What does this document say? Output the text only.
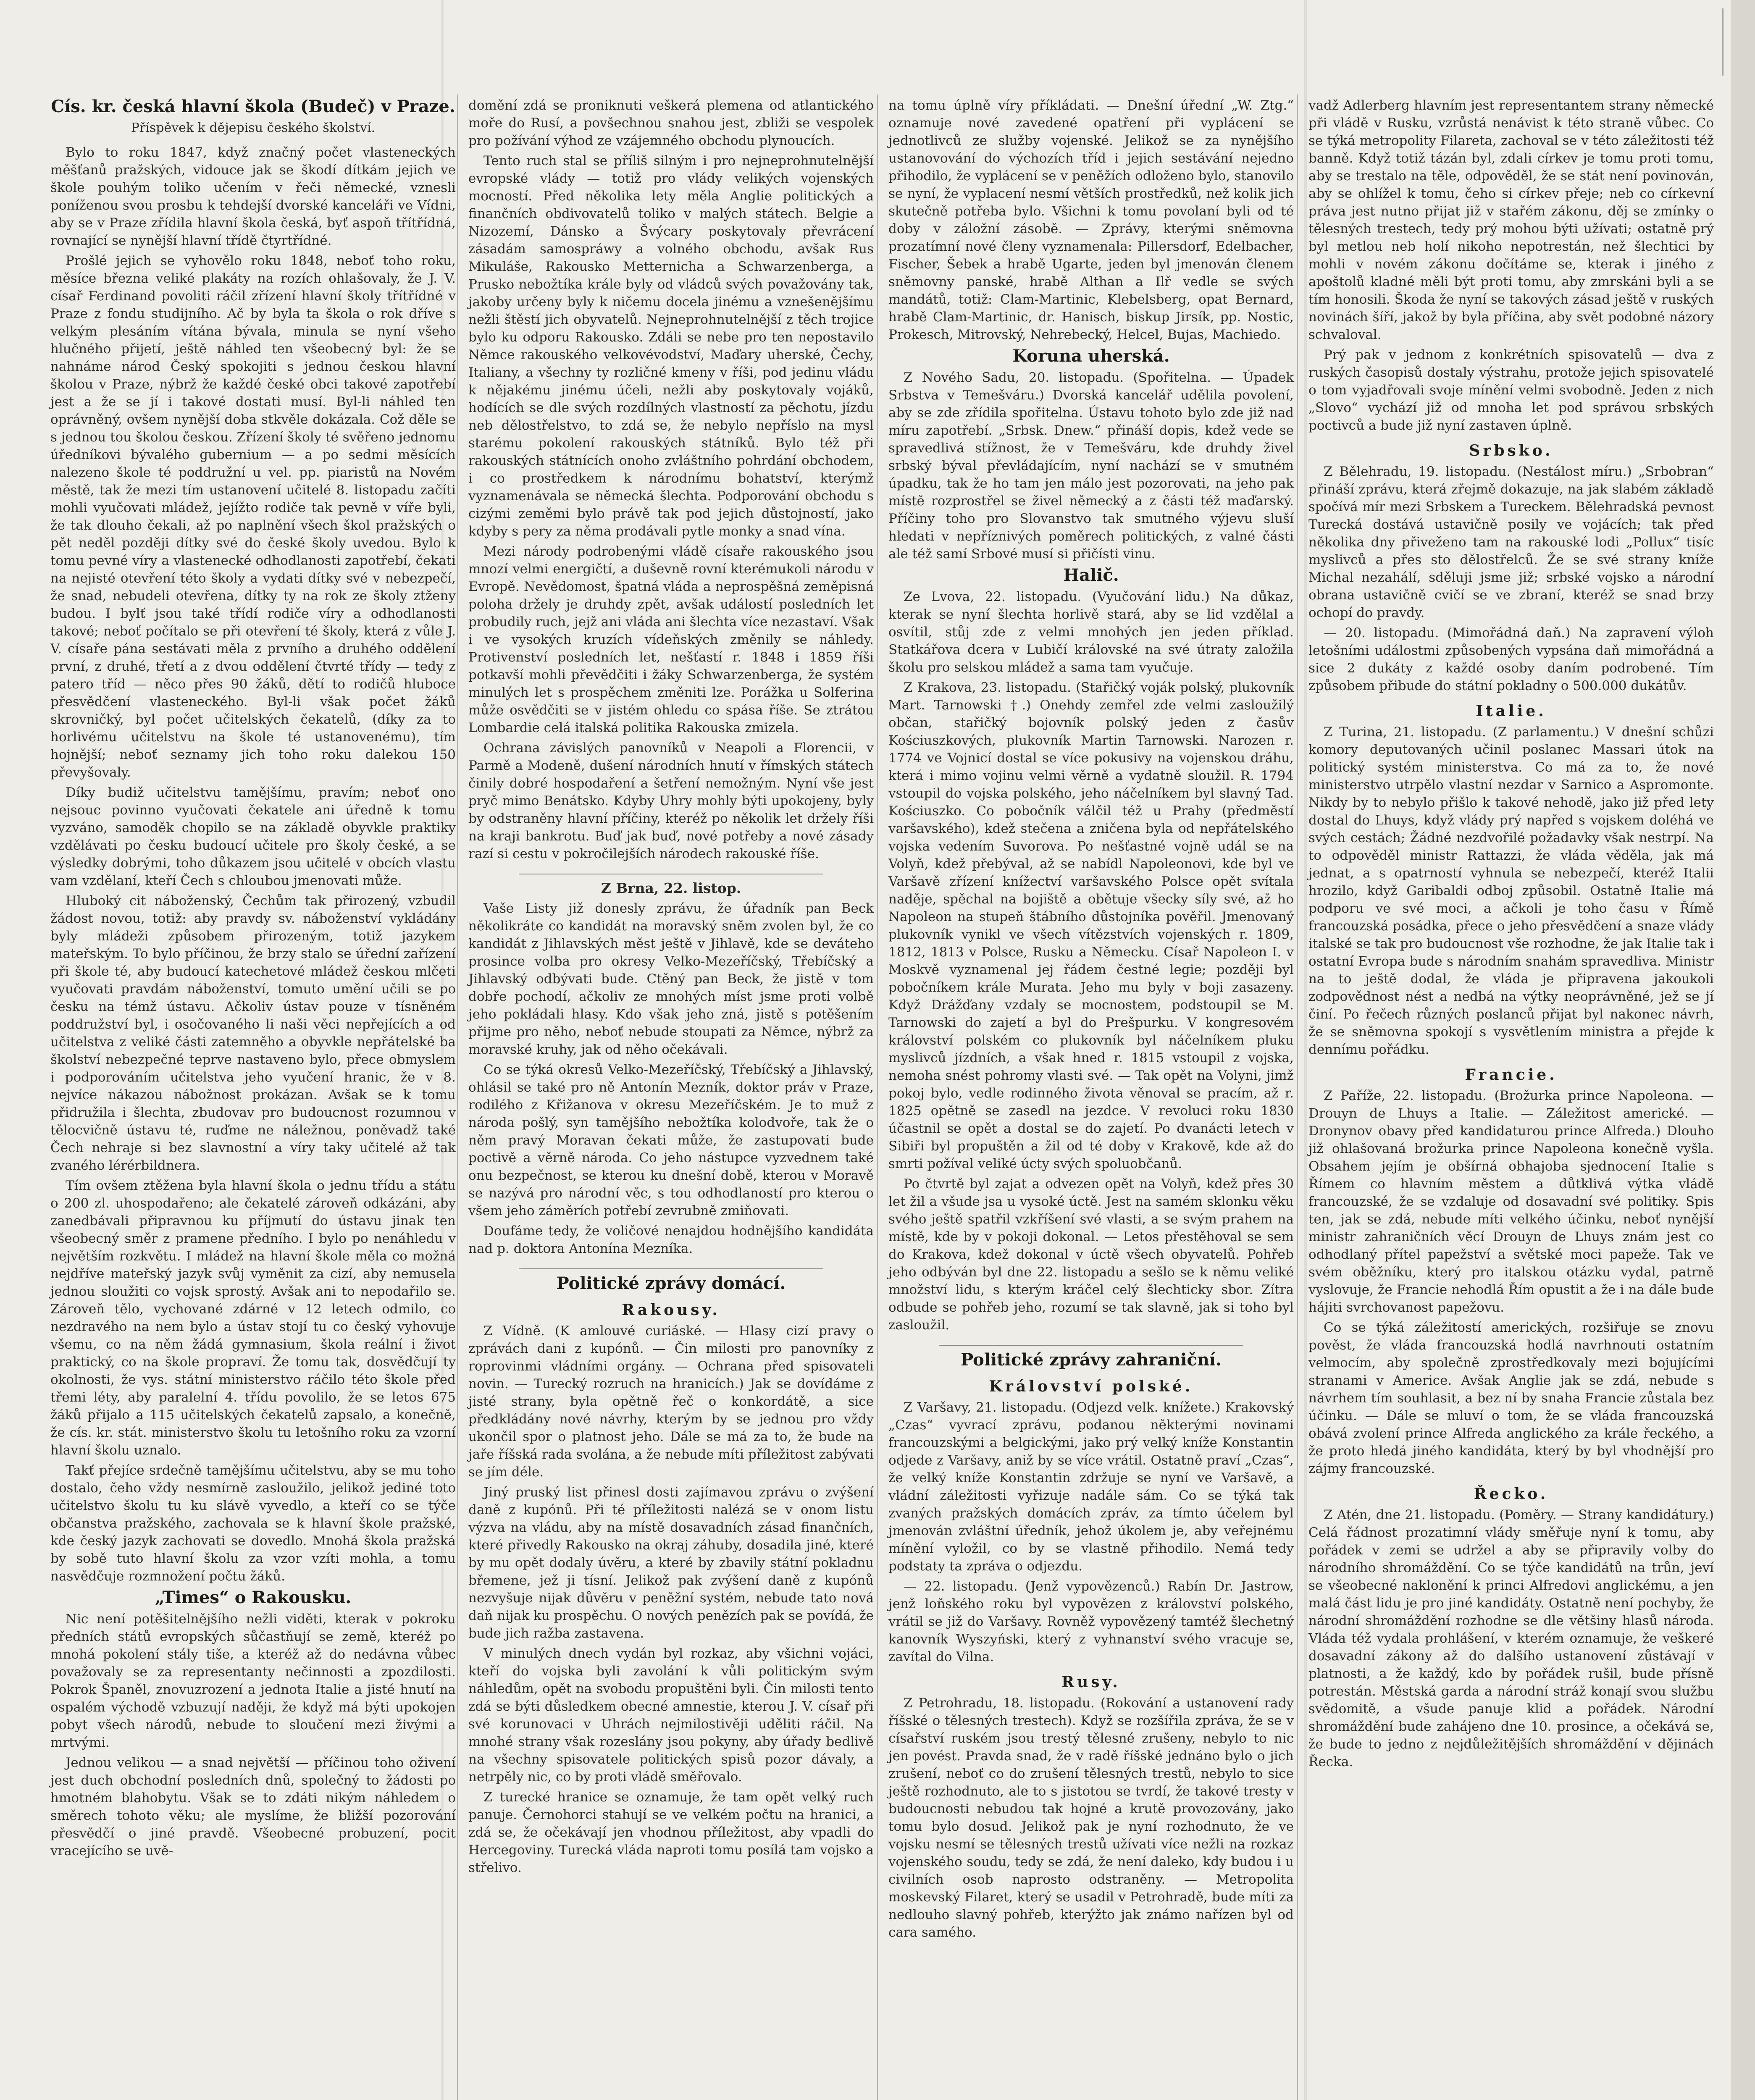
Cís. kr. česká hlavní škola (Budeč) v Praze.
Příspěvek k dějepisu českého školství.

Bylo to roku 1847, když značný počet vlasteneckých měšťanů pražských, vidouce jak se škodí dítkám jejich ve škole pouhým toliko učením v řeči německé, vznesli poníženou svou prosbu k tehdejší dvorské kanceláři ve Vídni, aby se v Praze zřídila hlavní škola česká, byť aspoň třítřídná, rovnající se nynější hlavní třídě čtyrtřídné.

Prošlé jejich se vyhovělo roku 1848, neboť toho roku, měsíce března veliké plakáty na rozích ohlašovaly, že J. V. císař Ferdinand povoliti ráčil zřízení hlavní školy třítřídné v Praze z fondu studijního. Ač by byla ta škola o rok dříve s velkým plesáním vítána bývala, minula se nyní všeho hlučného přijetí, ještě náhled ten všeobecný byl: že se nahnáme národ Český spokojiti s jednou českou hlavní školou v Praze, nýbrž že každé české obci takové zapotřebí jest a že se jí i takové dostati musí. Byl-li náhled ten oprávněný, ovšem nynější doba stkvěle dokázala. Což děle se s jednou tou školou českou. Zřízení školy té svěřeno jednomu úředníkovi bývalého gubernium — a po sedmi měsících nalezeno škole té poddružní u vel. pp. piaristů na Novém městě, tak že mezi tím ustanovení učitelé 8. listopadu začíti mohli vyučovati mládež, jejížto rodiče tak pevně v víře byli, že tak dlouho čekali, až po naplnění všech škol pražských o pět neděl později dítky své do české školy uvedou. Bylo k tomu pevné víry a vlastenecké odhodlanosti zapotřebí, čekati na nejisté otevření této školy a vydati dítky své v nebezpečí, že snad, nebudeli otevřena, dítky ty na rok ze školy ztženy budou. I bylť jsou také třídí rodiče víry a odhodlanosti takové; neboť počítalo se při otevření té školy, která z vůle J. V. císaře pána sestávati měla z prvního a druhého oddělení první, z druhé, třetí a z dvou oddělení čtvrté třídy — tedy z patero tříd — něco přes 90 žáků, dětí to rodičů hluboce přesvědčení vlasteneckého. Byl-li však počet žáků skrovničký, byl počet učitelských čekatelů, (díky za to horlivému učitelstvu na škole té ustanovenému), tím hojnější; neboť seznamy jich toho roku dalekou 150 převyšovaly.

Díky budiž učitelstvu tamějšímu, pravím; neboť ono nejsouc povinno vyučovati čekatele ani úředně k tomu vyzváno, samoděk chopilo se na základě obyvkle praktiky vzdělávati po česku budoucí učitele pro školy české, a se výsledky dobrými, toho důkazem jsou učitelé v obcích vlastu vam vzdělaní, kteří Čech s chloubou jmenovati může.

Hluboký cit náboženský, Čechům tak přirozený, vzbudil žádost novou, totiž: aby pravdy sv. náboženství vykládány byly mládeži způsobem přirozeným, totiž jazykem mateřským. To bylo příčinou, že brzy stalo se úřední zařízení při škole té, aby budoucí katechetové mládež českou mlčeti vyučovati pravdám náboženství, tomuto umění učili se po česku na témž ústavu. Ačkoliv ústav pouze v tísněném poddružství byl, i osočovaného li naši věci nepřejících a od učitelstva z veliké části zatemněho a obyvkle nepřátelské ba školství nebezpečné teprve nastaveno bylo, přece obmyslem i podporováním učitelstva jeho vyučení hranic, že v 8. nejvíce nákazou nábožnost prokázan. Avšak se k tomu přidružila i šlechta, zbudovav pro budoucnost rozumnou v tělocvičně ústavu té, ruďme ne náležnou, poněvadž také Čech nehraje si bez slavnostní a víry taky učitelé až tak zvaného lérérbildnera.

Tím ovšem ztěžena byla hlavní škola o jednu třídu a státu o 200 zl. uhospodařeno; ale čekatelé zároveň odkázáni, aby zanedbávali připravnou ku příjmutí do ústavu jinak ten všeobecný směr z pramene předního. I bylo po nenáhledu v největším rozkvětu. I mládež na hlavní škole měla co možná nejdříve mateřský jazyk svůj vyměnit za cizí, aby nemusela jednou sloužiti co vojsk sprostý. Avšak ani to nepodařilo se. Zároveň tělo, vychované zdárné v 12 letech odmilo, co nezdravého na nem bylo a ústav stojí tu co český vyhovuje všemu, co na něm žádá gymnasium, škola reální i život praktický, co na škole propraví. Že tomu tak, dosvědčují ty okolnosti, že vys. státní ministerstvo ráčilo této škole před třemi léty, aby paralelní 4. třídu povolilo, že se letos 675 žáků přijalo a 115 učitelských čekatelů zapsalo, a konečně, že cís. kr. stát. ministerstvo školu tu letošního roku za vzorní hlavní školu uznalo.

Takť přejíce srdečně tamějšímu učitelstvu, aby se mu toho dostalo, čeho vždy nesmírně zasloužilo, jelikož jediné toto učitelstvo školu tu ku slávě vyvedlo, a kteří co se týče občanstva pražského, zachovala se k hlavní škole pražské, kde český jazyk zachovati se dovedlo. Mnohá škola pražská by sobě tuto hlavní školu za vzor vzíti mohla, a tomu nasvědčuje rozmnožení počtu žáků.

„Times“ o Rakousku.

Nic není potěšitelnějšího nežli viděti, kterak v pokroku předních států evropských sůčastňují se země, kteréž po mnohá pokolení stály tiše, a kteréž až do nedávna vůbec považovaly se za representanty nečinnosti a zpozdilosti. Pokrok Španěl, znovuzrození a jednota Italie a jisté hnutí na ospalém východě vzbuzují naději, že když má býti upokojen pobyt všech národů, nebude to sloučení mezi živými a mrtvými.

Jednou velikou — a snad největší — příčinou toho oživení jest duch obchodní posledních dnů, společný to žádosti po hmotném blahobytu. Však se to zdáti nikým náhledem o směrech tohoto věku; ale myslíme, že bližší pozorování přesvědčí o jiné pravdě. Všeobecné probuzení, pocit vracejícího se uvě-

domění zdá se proniknuti veškerá plemena od atlantického moře do Rusí, a povšechnou snahou jest, zbliži se vespolek pro požívání výhod ze vzájemného obchodu plynoucích.

Tento ruch stal se příliš silným i pro nejneprohnutelnější evropské vlády — totiž pro vlády velikých vojenských mocností. Před několika lety měla Anglie politických a finančních obdivovatelů toliko v malých státech. Belgie a Nizozemí, Dánsko a Švýcary poskytovaly převrácení zásadám samospráwy a volného obchodu, avšak Rus Mikuláše, Rakousko Metternicha a Schwarzenberga, a Prusko nebožtíka krále byly od vládců svých považovány tak, jakoby určeny byly k ničemu docela jinému a vznešenějšímu nežli štěstí jich obyvatelů. Nejneprohnutelnější z těch trojice bylo ku odporu Rakousko. Zdáli se nebe pro ten nepostavilo Němce rakouského velkovévodství, Maďary uherské, Čechy, Italiany, a všechny ty rozličné kmeny v říši, pod jedinu vládu k nějakému jinému účeli, nežli aby poskytovaly vojáků, hodících se dle svých rozdílných vlastností za pěchotu, jízdu neb dělostřelstvo, to zdá se, že nebylo nepříslo na mysl starému pokolení rakouských státníků. Bylo též při rakouských státnících onoho zvláštního pohrdání obchodem, i co prostředkem k národnímu bohatství, kterýmž vyznamenávala se německá šlechta. Podporování obchodu s cizými zeměmi bylo právě tak pod jejich důstojností, jako kdyby s pery za něma prodávali pytle monky a snad vína.

Mezi národy podrobenými vládě císaře rakouského jsou mnozí velmi energičtí, a duševně rovní kterémukoli národu v Evropě. Nevědomost, špatná vláda a neprospěšná zeměpisná poloha držely je druhdy zpět, avšak událostí posledních let probudily ruch, jejž ani vláda ani šlechta více nezastaví. Však i ve vysokých kruzích vídeňských změnily se náhledy. Protivenství posledních let, nešťastí r. 1848 i 1859 říši potkavší mohli převědčiti i žáky Schwarzenberga, že systém minulých let s prospěchem změniti lze. Porážka u Solferina může osvědčiti se v jistém ohledu co spása říše. Se ztrátou Lombardie celá italská politika Rakouska zmizela.

Ochrana závislých panovníků v Neapoli a Florencii, v Parmě a Modeně, dušení národních hnutí v římských státech činily dobré hospodaření a šetření nemožným. Nyní vše jest pryč mimo Benátsko. Kdyby Uhry mohly býti upokojeny, byly by odstraněny hlavní příčiny, kteréž po několik let držely říši na kraji bankrotu. Buď jak buď, nové potřeby a nové zásady razí si cestu v pokročilejších národech rakouské říše.

Z Brna, 22. listop.

Vaše Listy již donesly zprávu, že úřadník pan Beck několikráte co kandidát na moravský sněm zvolen byl, že co kandidát z Jihlavských měst ještě v Jihlavě, kde se deváteho prosince volba pro okresy Velko-Mezeříčský, Třebíčský a Jihlavský odbývati bude. Ctěný pan Beck, že jistě v tom dobře pochodí, ačkoliv ze mnohých míst jsme proti volbě jeho pokládali hlasy. Kdo však jeho zná, jistě s potěšením přijme pro něho, neboť nebude stoupati za Němce, nýbrž za moravské kruhy, jak od něho očekávali.

Co se týká okresů Velko-Mezeříčský, Třebíčský a Jihlavský, ohlásil se také pro ně Antonín Mezník, doktor práv v Praze, rodilého z Křižanova v okresu Mezeříčském. Je to muž z národa pošlý, syn tamějšího nebožtíka kolodvoře, tak že o něm pravý Moravan čekati může, že zastupovati bude poctivě a věrně národa. Co jeho nástupce vyzvednem také onu bezpečnost, se kterou ku dnešní době, kterou v Moravě se nazývá pro národní věc, s tou odhodlaností pro kterou o všem jeho záměrích potřebí zevrubně zmiňovati.

Doufáme tedy, že voličové nenajdou hodnějšího kandidáta nad p. doktora Antonína Mezníka.

Politické zprávy domácí.
Rakousy.

Z Vídně. (K amlouvé curiáské. — Hlasy cizí pravy o zprávách dani z kupónů. — Čin milosti pro panovníky z roprovinmi vládními orgány. — Ochrana před spisovateli novin. — Turecký rozruch na hranicích.) Jak se dovídáme z jisté strany, byla opětně řeč o konkordátě, a sice předkládány nové návrhy, kterým by se jednou pro vždy ukončil spor o platnost jeho. Dále se má za to, že bude na jaře říšská rada svolána, a že nebude míti příležitost zabývati se jím déle.

Jiný pruský list přinesl dosti zajímavou zprávu o zvýšení daně z kupónů. Při té příležitosti nalézá se v onom listu výzva na vládu, aby na místě dosavadních zásad finančních, které přivedly Rakousko na okraj záhuby, dosadila jiné, které by mu opět dodaly úvěru, a které by zbavily státní pokladnu břemene, jež ji tísní. Jelikož pak zvýšení daně z kupónů nezvyšuje nijak důvěru v peněžní systém, nebude tato nová daň nijak ku prospěchu. O nových penězích pak se povídá, že bude jich ražba zastavena.

V minulých dnech vydán byl rozkaz, aby všichni vojáci, kteří do vojska byli zavolání k vůli politickým svým náhledům, opět na svobodu propuštěni byli. Čin milosti tento zdá se býti důsledkem obecné amnestie, kterou J. V. císař při své korunovaci v Uhrách nejmilostivěji uděliti ráčil. Na mnohé strany však rozeslány jsou pokyny, aby úřady bedlivě na všechny spisovatele politických spisů pozor dávaly, a netrpěly nic, co by proti vládě směřovalo.

Z turecké hranice se oznamuje, že tam opět velký ruch panuje. Černohorci stahují se ve velkém počtu na hranici, a zdá se, že očekávají jen vhodnou příležitost, aby vpadli do Hercegoviny. Turecká vláda naproti tomu posílá tam vojsko a střelivo.

na tomu úplně víry příkládati. — Dnešní úřední „W. Ztg.“ oznamuje nové zavedené opatření při vyplácení se jednotlivců ze služby vojenské. Jelikož se za nynějšího ustanovování do výchozích tříd i jejich sestávání nejedno přihodilo, že vyplácení se v peněžích odloženo bylo, stanovilo se nyní, že vyplacení nesmí větších prostředků, než kolik jich skutečně potřeba bylo. Všichni k tomu povolaní byli od té doby v záložní zásobě. — Zprávy, kterými sněmovna prozatímní nové členy vyznamenala: Pillersdorf, Edelbacher, Fischer, Šebek a hrabě Ugarte, jeden byl jmenován členem sněmovny panské, hrabě Althan a Ilř vedle se svých mandátů, totiž: Clam-Martinic, Klebelsberg, opat Bernard, hrabě Clam-Martinic, dr. Hanisch, biskup Jirsík, pp. Nostic, Prokesch, Mitrovský, Nehrebecký, Helcel, Bujas, Machiedo.

Koruna uherská.

Z Nového Sadu, 20. listopadu. (Spořitelna. — Úpadek Srbstva v Temešváru.) Dvorská kancelář udělila povolení, aby se zde zřídila spořitelna. Ústavu tohoto bylo zde již nad míru zapotřebí. „Srbsk. Dnew.“ přináší dopis, kdež vede se spravedlivá stížnost, že v Temešváru, kde druhdy živel srbský býval převládajícím, nyní nachází se v smutném úpadku, tak že ho tam jen málo jest pozorovati, na jeho pak místě rozprostřel se živel německý a z části též maďarský. Příčiny toho pro Slovanstvo tak smutného výjevu sluší hledati v nepříznivých poměrech politických, z valné části ale též samí Srbové musí si přičísti vinu.

Halič.

Ze Lvova, 22. listopadu. (Vyučování lidu.) Na důkaz, kterak se nyní šlechta horlivě stará, aby se lid vzdělal a osvítil, stůj zde z velmi mnohých jen jeden příklad. Statkářova dcera v Lubičí královské na své útraty založila školu pro selskou mládež a sama tam vyučuje.

Z Krakova, 23. listopadu. (Stařičký voják polský, plukovník Mart. Tarnowski †.) Onehdy zemřel zde velmi zasloužilý občan, stařičký bojovník polský jeden z časův Kościuszkových, plukovník Martin Tarnowski. Narozen r. 1774 ve Vojnicí dostal se více pokusivy na vojenskou dráhu, která i mimo vojinu velmi věrně a vydatně sloužil. R. 1794 vstoupil do vojska polského, jeho náčelníkem byl slavný Tad. Kościuszko. Co pobočník válčil též u Prahy (předměstí varšavského), kdež stečena a zničena byla od nepřátelského vojska vedením Suvorova. Po nešťastné vojně udál se na Volyň, kdež přebýval, až se nabídl Napoleonovi, kde byl ve Varšavě zřízení knížectví varšavského Polsce opět svítala naděje, spěchal na bojiště a obětuje všecky síly své, až ho Napoleon na stupeň štábního důstojníka pověřil. Jmenovaný plukovník vynikl ve všech vítězstvích vojenských r. 1809, 1812, 1813 v Polsce, Rusku a Německu. Císař Napoleon I. v Moskvě vyznamenal jej řádem čestné legie; později byl pobočníkem krále Murata. Jeho mu byly v boji zasazeny. Když Drážďany vzdaly se mocnostem, podstoupil se M. Tarnowski do zajetí a byl do Prešpurku. V kongresovém království polském co plukovník byl náčelníkem pluku myslivců jízdních, a však hned r. 1815 vstoupil z vojska, nemoha snést pohromy vlasti své. — Tak opět na Volyni, jimž pokoj bylo, vedle rodinného života věnoval se pracím, až r. 1825 opětně se zasedl na jezdce. V revoluci roku 1830 účastnil se opět a dostal se do zajetí. Po dvanácti letech v Sibiři byl propuštěn a žil od té doby v Krakově, kde až do smrti požíval veliké úcty svých spoluobčanů.

Po čtvrtě byl zajat a odvezen opět na Volyň, kdež přes 30 let žil a všude jsa u vysoké úctě. Jest na samém sklonku věku svého ještě spatřil vzkříšení své vlasti, a se svým prahem na místě, kde by v pokoji dokonal. — Letos přestěhoval se sem do Krakova, kdež dokonal v úctě všech obyvatelů. Pohřeb jeho odbýván byl dne 22. listopadu a sešlo se k němu veliké množství lidu, s kterým kráčel celý šlechticky sbor. Zítra odbude se pohřeb jeho, rozumí se tak slavně, jak si toho byl zasloužil.

Politické zprávy zahraniční.
Království polské.

Z Varšavy, 21. listopadu. (Odjezd velk. knížete.) Krakovský „Czas“ vyvrací zprávu, podanou některými novinami francouzskými a belgickými, jako prý velký kníže Konstantin odjede z Varšavy, aniž by se více vrátil. Ostatně praví „Czas“, že velký kníže Konstantin zdržuje se nyní ve Varšavě, a vládní záležitosti vyřizuje nadále sám. Co se týká tak zvaných pražských domácích zpráv, za tímto účelem byl jmenován zvláštní úředník, jehož úkolem je, aby veřejnému mínění vyložil, co by se vlastně přihodilo. Nemá tedy podstaty ta zpráva o odjezdu.

— 22. listopadu. (Jenž vypovězenců.) Rabín Dr. Jastrow, jenž loňského roku byl vypovězen z království polského, vrátil se již do Varšavy. Rovněž vypovězený tamtéž šlechetný kanovník Wyszyński, který z vyhnanství svého vracuje se, zavítal do Vilna.

Rusy.

Z Petrohradu, 18. listopadu. (Rokování a ustanovení rady říšské o tělesných trestech). Když se rozšířila zpráva, že se v císařství ruském jsou trestý tělesné zrušeny, nebylo to nic jen povést. Pravda snad, že v radě říšské jednáno bylo o jich zrušení, neboť co do zrušení tělesných trestů, nebylo to sice ještě rozhodnuto, ale to s jistotou se tvrdí, že takové tresty v budoucnosti nebudou tak hojné a krutě provozovány, jako tomu bylo dosud. Jelikož pak je nyní rozhodnuto, že ve vojsku nesmí se tělesných trestů užívati více nežli na rozkaz vojenského soudu, tedy se zdá, že není daleko, kdy budou i u civilních osob naprosto odstraněny. — Metropolita moskevský Filaret, který se usadil v Petrohradě, bude míti za nedlouho slavný pohřeb, kterýžto jak známo nařízen byl od cara samého.

vadž Adlerberg hlavním jest representantem strany německé při vládě v Rusku, vzrůstá nenávist k této straně vůbec. Co se týká metropolity Filareta, zachoval se v této záležitosti též banně. Když totiž tázán byl, zdali církev je tomu proti tomu, aby se trestalo na těle, odpověděl, že se stát není povinován, aby se ohlížel k tomu, čeho si církev přeje; neb co církevní práva jest nutno přijat již v stařém zákonu, děj se zmínky o tělesných trestech, tedy prý mohou býti užívati; ostatně prý byl metlou neb holí nikoho nepotrestán, než šlechtici by mohli v novém zákonu dočítáme se, kterak i jiného z apoštolů kladné měli být proti tomu, aby zmrskáni byli a se tím honosili. Škoda že nyní se takových zásad ještě v ruských novinách šíří, jakož by byla příčina, aby svět podobné názory schvaloval.

Prý pak v jednom z konkrétních spisovatelů — dva z ruských časopisů dostaly výstrahu, protože jejich spisovatelé o tom vyjadřovali svoje mínění velmi svobodně. Jeden z nich „Slovo“ vychází již od mnoha let pod správou srbských poctivců a bude již nyní zastaven úplně.

Srbsko.

Z Bělehradu, 19. listopadu. (Nestálost míru.) „Srbobran“ přináší zprávu, která zřejmě dokazuje, na jak slabém základě spočívá mír mezi Srbskem a Tureckem. Bělehradská pevnost Turecká dostává ustavičně posily ve vojácích; tak před několika dny přiveženo tam na rakouské lodi „Pollux“ tisíc myslivců a přes sto dělostřelců. Že se své strany kníže Michal nezahálí, sděluji jsme již; srbské vojsko a národní obrana ustavičně cvičí se ve zbraní, kteréž se snad brzy ochopí do pravdy.

— 20. listopadu. (Mimořádná daň.) Na zapravení výloh letošními událostmi způsobených vypsána daň mimořádná a sice 2 dukáty z každé osoby daním podrobené. Tím způsobem přibude do státní pokladny o 500.000 dukátův.

Italie.

Z Turina, 21. listopadu. (Z parlamentu.) V dnešní schůzi komory deputovaných učinil poslanec Massari útok na politický systém ministerstva. Co má za to, že nové ministerstvo utrpělo vlastní nezdar v Sarnico a Aspromonte. Nikdy by to nebylo přišlo k takové nehodě, jako již před lety dostal do Lhuys, když vlády prý napřed s vojskem doléhá ve svých cestách; Žádné nezdvořilé požadavky však nestrpí. Na to odpověděl ministr Rattazzi, že vláda věděla, jak má jednat, a s opatrností vyhnula se nebezpečí, kteréž Italii hrozilo, když Garibaldi odboj způsobil. Ostatně Italie má podporu ve své moci, a ačkoli je toho času v Římě francouzská posádka, přece o jeho přesvědčení a snaze vlády italské se tak pro budoucnost vše rozhodne, že jak Italie tak i ostatní Evropa bude s národním snahám spravedliva. Ministr na to ještě dodal, že vláda je připravena jakoukoli zodpovědnost nést a nedbá na výtky neoprávněné, jež se jí činí. Po řečech různých poslanců přijat byl nakonec návrh, že se sněmovna spokojí s vysvětlením ministra a přejde k dennímu pořádku.

Francie.

Z Paříže, 22. listopadu. (Brožurka prince Napoleona. — Drouyn de Lhuys a Italie. — Záležitost americké. — Dronynov obavy před kandidaturou prince Alfreda.) Dlouho již ohlašovaná brožurka prince Napoleona konečně vyšla. Obsahem jejím je obšírná obhajoba sjednocení Italie s Římem co hlavním městem a důtklivá výtka vládě francouzské, že se vzdaluje od dosavadní své politiky. Spis ten, jak se zdá, nebude míti velkého účinku, neboť nynější ministr zahraničních věcí Drouyn de Lhuys znám jest co odhodlaný přítel papežství a světské moci papeže. Tak ve svém oběžníku, který pro italskou otázku vydal, patrně vyslovuje, že Francie nehodlá Řím opustit a že i na dále bude hájiti svrchovanost papežovu.

Co se týká záležitostí amerických, rozšiřuje se znovu pověst, že vláda francouzská hodlá navrhnouti ostatním velmocím, aby společně zprostředkovaly mezi bojujícími stranami v Americe. Avšak Anglie jak se zdá, nebude s návrhem tím souhlasit, a bez ní by snaha Francie zůstala bez účinku. — Dále se mluví o tom, že se vláda francouzská obává zvolení prince Alfreda anglického za krále řeckého, a že proto hledá jiného kandidáta, který by byl vhodnější pro zájmy francouzské.

Řecko.

Z Atén, dne 21. listopadu. (Poměry. — Strany kandidátury.) Celá řádnost prozatimní vlády směřuje nyní k tomu, aby pořádek v zemi se udržel a aby se připravily volby do národního shromáždění. Co se týče kandidátů na trůn, jeví se všeobecné naklonění k princi Alfredovi anglickému, a jen malá část lidu je pro jiné kandidáty. Ostatně není pochyby, že národní shromáždění rozhodne se dle většiny hlasů národa. Vláda též vydala prohlášení, v kterém oznamuje, že veškeré dosavadní zákony až do dalšího ustanovení zůstávají v platnosti, a že každý, kdo by pořádek rušil, bude přísně potrestán. Městská garda a národní stráž konají svou službu svědomitě, a všude panuje klid a pořádek. Národní shromáždění bude zahájeno dne 10. prosince, a očekává se, že bude to jedno z nejdůležitějších shromáždění v dějinách Řecka.
